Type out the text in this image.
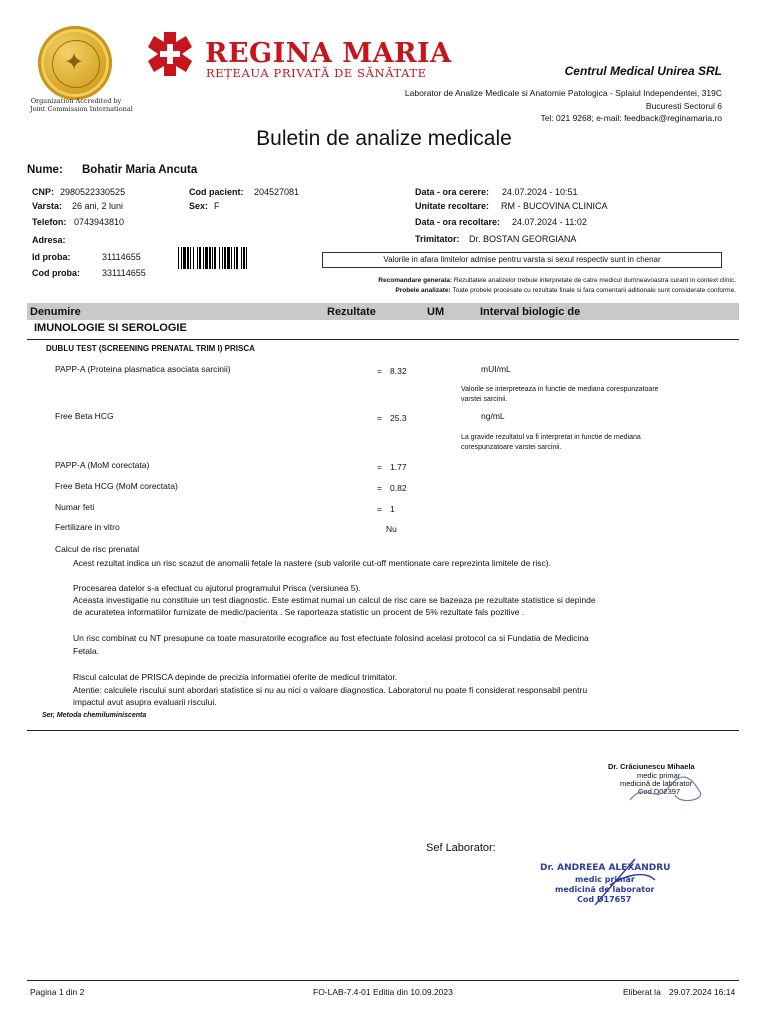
✦
Organization Accredited by
Joint Commission International
REGINA MARIA
REȚEAUA PRIVATĂ DE SĂNĂTATE	Centrul Medical Unirea SRL
Laborator de Analize Medicale si Anatomie Patologica - Splaiul Independentei, 319C
Bucuresti Sectorul 6
Tel: 021 9268; e-mail: feedback@reginamaria.ro
Buletin de analize medicale
Nume: Bohatir Maria Ancuta
CNP: 2980522330525
Varsta: 26 ani, 2 luni
Telefon: 0743943810
Adresa:
Cod pacient: 204527081
Sex: F
Id proba:	31114655
Cod proba: 331114655
Data - ora cerere: 24.07.2024 - 10:51
Unitate recoltare: RM - BUCOVINA CLINICA
Data - ora recoltare: 24.07.2024 - 11:02
Trimitator: Dr. BOSTAN GEORGIANA
Valorile in afara limitelor admise pentru varsta si sexul respectiv sunt in chenar
Recomandare generala: Rezultatele analizelor trebuie interpretate de catre medicul dumneavoastra curant in context clinic.
Probele analizate: Toate probele procesate cu rezultate finale si fara comentarii aditionale sunt considerate conforme.
Denumire	Rezultate	UM	Interval biologic de
IMUNOLOGIE SI SEROLOGIE
DUBLU TEST (SCREENING PRENATAL TRIM I) PRISCA
PAPP-A (Proteina plasmatica asociata sarcinii)	= 8.32	mUI/mL
Valorile se interpreteaza in functie de mediana corespunzatoare
varstei sarcinii.
Free Beta HCG	= 25.3	ng/mL
La gravide rezultatul va fi interpretat in functie de mediana
corespunzatoare varstei sarcinii.
PAPP-A (MoM corectata)	= 1.77
Free Beta HCG (MoM corectata)	= 0.82
Numar feti	= 1
Fertilizare in vitro	Nu
Calcul de risc prenatal
Acest rezultat indica un risc scazut de anomalii fetale la nastere (sub valorile cut-off mentionate care reprezinta limitele de risc).
Procesarea datelor s-a efectuat cu ajutorul programului Prisca (versiunea 5).
Aceasta investigatie nu constituie un test diagnostic. Este estimat numai un calcul de risc care se bazeaza pe rezultate statistice si depinde
de acuratetea informatiilor furnizate de medic/pacienta . Se raporteaza statistic un procent de 5% rezultate fals pozitive .
Un risc combinat cu NT presupune ca toate masuratorile ecografice au fost efectuate folosind acelasi protocol ca si Fundatia de Medicina
Fetala.
Riscul calculat de PRISCA depinde de precizia informatiei oferite de medicul trimitator.
Atentie: calculele riscului sunt abordari statistice si nu au nici o valoare diagnostica. Laboratorul nu poate fi considerat responsabil pentru
impactul avut asupra evaluarii riscului.
Ser, Metoda chemiluminiscenta
Dr. Crăciunescu Mihaela
medic primar
medicină de laborator
Cod D02397
Sef Laborator:
Dr. ANDREEA ALEXANDRU
medic primar
medicină de laborator
Cod D17657
Pagina 1 din 2	FO-LAB-7.4-01 Editia din 10.09.2023	Eliberat la 29.07.2024 16:14
